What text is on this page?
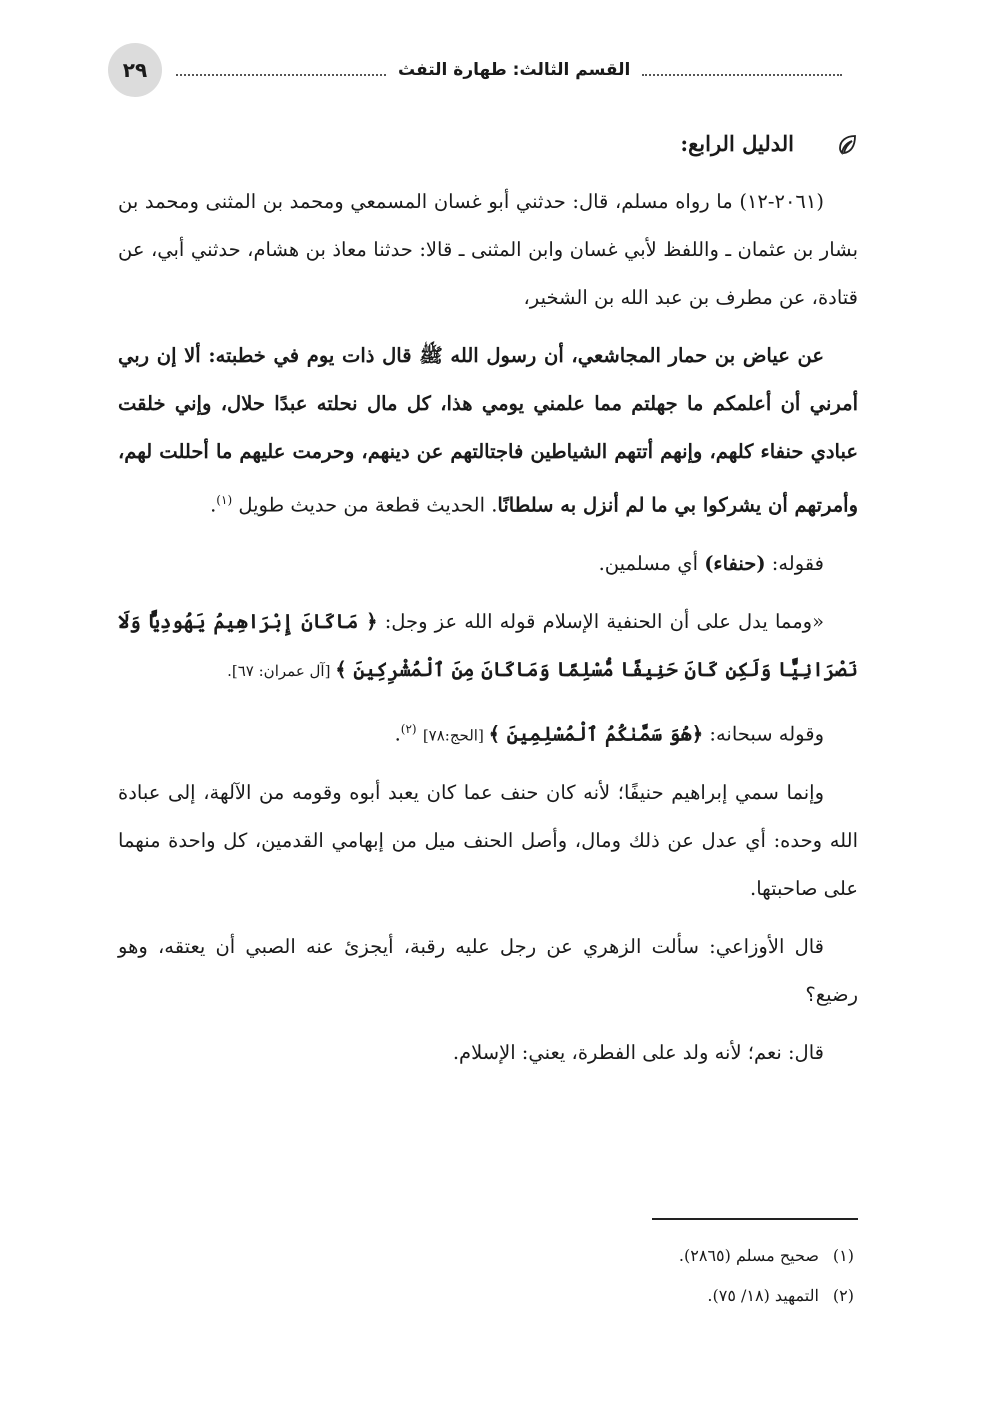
٢٩	القسم الثالث: طهارة التفث

الدليل الرابع:

(٢٠٦١-١٢) ما رواه مسلم، قال: حدثني أبو غسان المسمعي ومحمد بن المثنى ومحمد بن بشار بن عثمان ـ واللفظ لأبي غسان وابن المثنى ـ قالا: حدثنا معاذ بن هشام، حدثني أبي، عن قتادة، عن مطرف بن عبد الله بن الشخير،

عن عياض بن حمار المجاشعي، أن رسول الله ﷺ قال ذات يوم في خطبته: ألا إن ربي أمرني أن أعلمكم ما جهلتم مما علمني يومي هذا، كل مال نحلته عبدًا حلال، وإني خلقت عبادي حنفاء كلهم، وإنهم أتتهم الشياطين فاجتالتهم عن دينهم، وحرمت عليهم ما أحللت لهم، وأمرتهم أن يشركوا بي ما لم أنزل به سلطانًا. الحديث قطعة من حديث طويل $^{(١)}$.

فقوله: (حنفاء) أي مسلمين.

«ومما يدل على أن الحنفية الإسلام قوله الله عز وجل: ﴿ مَاكَانَ إِبْرَاهِيمُ يَهُودِيًّا وَلَا نَصْرَانِيًّا وَلَكِن كَانَ حَنِيفًا مُّسْلِمًا وَمَاكَانَ مِنَ ٱلْمُشْرِكِينَ ﴾ [آل عمران: ٦٧].

وقوله سبحانه: ﴿هُوَ سَمَّىٰكُمُ ٱلْمُسْلِمِينَ ﴾ [الحج:٧٨] $^{(٢)}$.

وإنما سمي إبراهيم حنيفًا؛ لأنه كان حنف عما كان يعبد أبوه وقومه من الآلهة، إلى عبادة الله وحده: أي عدل عن ذلك ومال، وأصل الحنف ميل من إبهامي القدمين، كل واحدة منهما على صاحبتها.

قال الأوزاعي: سألت الزهري عن رجل عليه رقبة، أيجزئ عنه الصبي أن يعتقه، وهو رضيع؟

قال: نعم؛ لأنه ولد على الفطرة، يعني: الإسلام.

(١)
صحيح مسلم (٢٨٦٥).
(٢)
التمهيد (١٨/ ٧٥).
